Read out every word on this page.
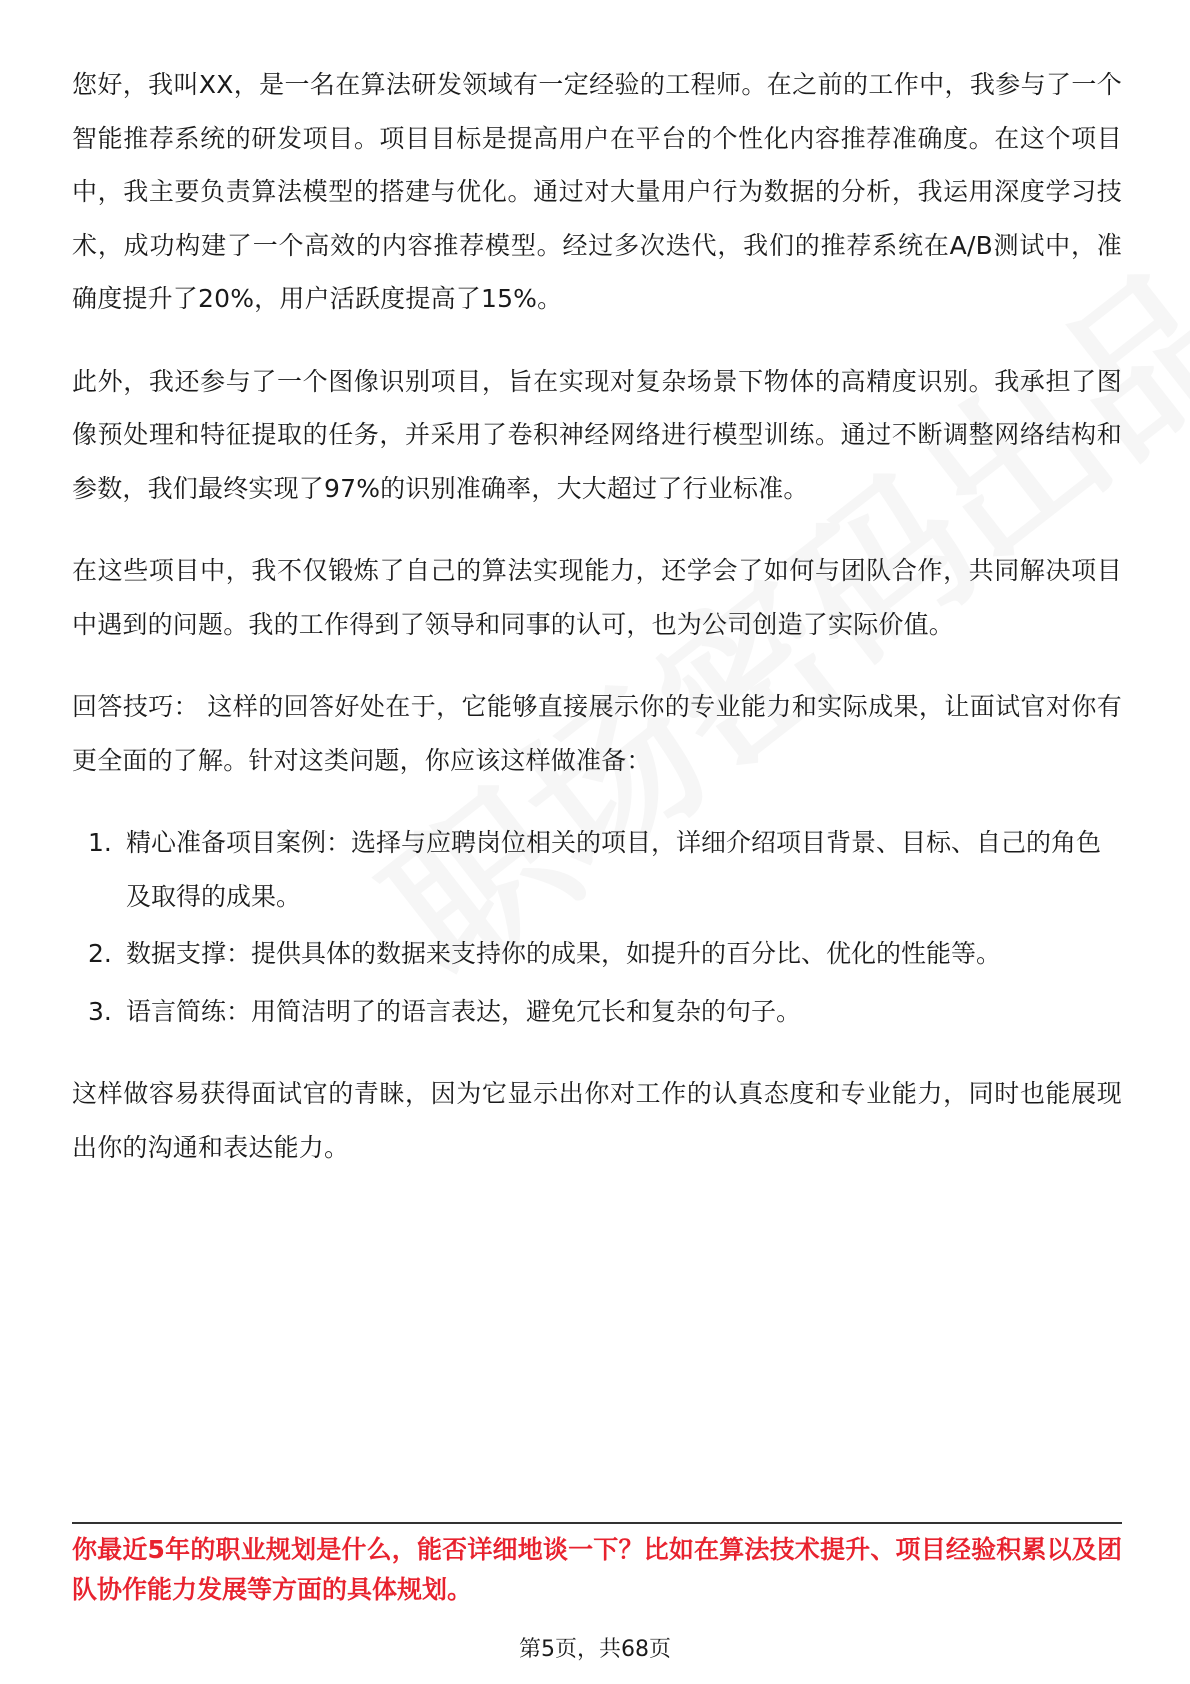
您好，我叫XX，是一名在算法研发领域有一定经验的工程师。在之前的工作中，我参与了一个智能推荐系统的研发项目。项目目标是提高用户在平台的个性化内容推荐准确度。在这个项目中，我主要负责算法模型的搭建与优化。通过对大量用户行为数据的分析，我运用深度学习技术，成功构建了一个高效的内容推荐模型。经过多次迭代，我们的推荐系统在A/B测试中，准确度提升了20%，用户活跃度提高了15%。

此外，我还参与了一个图像识别项目，旨在实现对复杂场景下物体的高精度识别。我承担了图像预处理和特征提取的任务，并采用了卷积神经网络进行模型训练。通过不断调整网络结构和参数，我们最终实现了97%的识别准确率，大大超过了行业标准。

在这些项目中，我不仅锻炼了自己的算法实现能力，还学会了如何与团队合作，共同解决项目中遇到的问题。我的工作得到了领导和同事的认可，也为公司创造了实际价值。

回答技巧： 这样的回答好处在于，它能够直接展示你的专业能力和实际成果，让面试官对你有更全面的了解。针对这类问题，你应该这样做准备：

1. 精心准备项目案例：选择与应聘岗位相关的项目，详细介绍项目背景、目标、自己的角色及取得的成果。
2. 数据支撑：提供具体的数据来支持你的成果，如提升的百分比、优化的性能等。
3. 语言简练：用简洁明了的语言表达，避免冗长和复杂的句子。

这样做容易获得面试官的青睐，因为它显示出你对工作的认真态度和专业能力，同时也能展现出你的沟通和表达能力。

你最近5年的职业规划是什么，能否详细地谈一下？比如在算法技术提升、项目经验积累以及团队协作能力发展等方面的具体规划。

第5页，共68页
